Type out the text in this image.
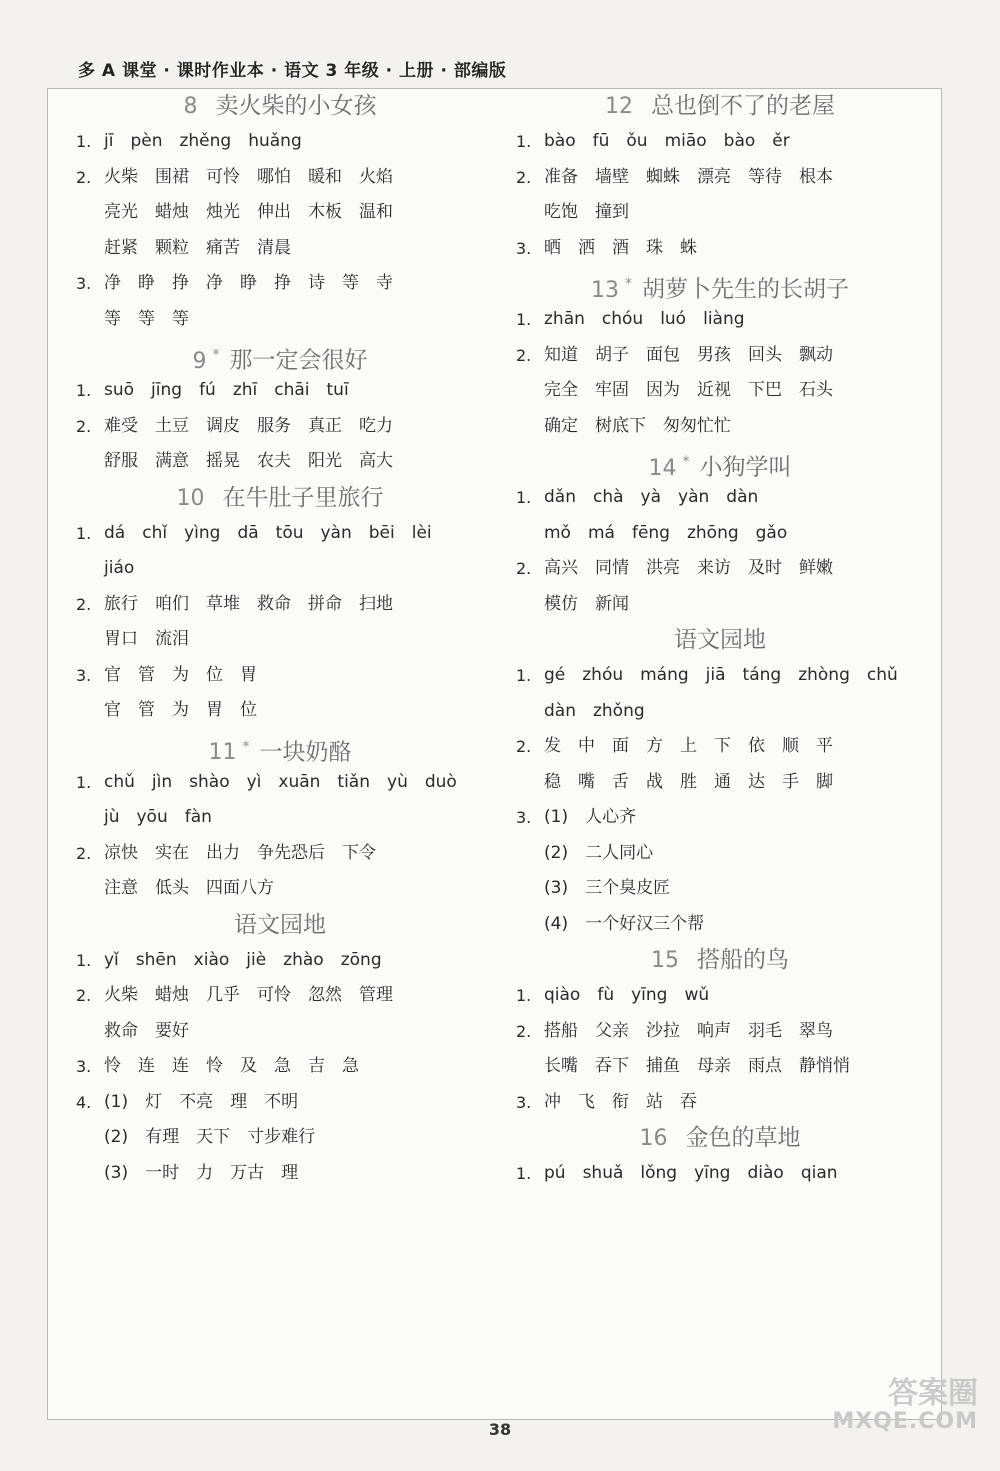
多 A 课堂 · 课时作业本 · 语文 3 年级 · 上册 · 部编版
8 卖火柴的小女孩
1. jī pèn zhěng huǎng
2. 火柴 围裙 可怜 哪怕 暖和 火焰
亮光 蜡烛 烛光 伸出 木板 温和
赶紧 颗粒 痛苦 清晨
3. 净 睁 挣 净 睁 挣 诗 等 寺
等 等 等
9 * 那一定会很好
1. suō jīng fú zhī chāi tuī
2. 难受 土豆 调皮 服务 真正 吃力
舒服 满意 摇晃 农夫 阳光 高大
10 在牛肚子里旅行
1. dá chǐ yìng dā tōu yàn bēi lèi
jiáo
2. 旅行 咱们 草堆 救命 拼命 扫地
胃口 流泪
3. 官 管 为 位 胃
官 管 为 胃 位
11 * 一块奶酪
1. chǔ jìn shào yì xuān tiǎn yù duò
jù yōu fàn
2. 凉快 实在 出力 争先恐后 下令
注意 低头 四面八方
语文园地
1. yǐ shēn xiào jiè zhào zōng
2. 火柴 蜡烛 几乎 可怜 忽然 管理
救命 要好
3. 怜 连 连 怜 及 急 吉 急
4. (1) 灯 不亮 理 不明
(2) 有理 天下 寸步难行
(3) 一时 力 万古 理
12 总也倒不了的老屋
1. bào fū ǒu miāo bào ěr
2. 准备 墙壁 蜘蛛 漂亮 等待 根本
吃饱 撞到
3. 晒 洒 酒 珠 蛛
13 * 胡萝卜先生的长胡子
1. zhān chóu luó liàng
2. 知道 胡子 面包 男孩 回头 飘动
完全 牢固 因为 近视 下巴 石头
确定 树底下 匆匆忙忙
14 * 小狗学叫
1. dǎn chà yà yàn dàn
mǒ má fēng zhōng gǎo
2. 高兴 同情 洪亮 来访 及时 鲜嫩
模仿 新闻
语文园地
1. gé zhóu máng jiā táng zhòng chǔ
dàn zhǒng
2. 发 中 面 方 上 下 依 顺 平
稳 嘴 舌 战 胜 通 达 手 脚
3. (1) 人心齐
(2) 二人同心
(3) 三个臭皮匠
(4) 一个好汉三个帮
15 搭船的鸟
1. qiào fù yīng wǔ
2. 搭船 父亲 沙拉 响声 羽毛 翠鸟
长嘴 吞下 捕鱼 母亲 雨点 静悄悄
3. 冲 飞 衔 站 吞
16 金色的草地
1. pú shuǎ lǒng yīng diào qian
38
答案圈
MXQE.COM
